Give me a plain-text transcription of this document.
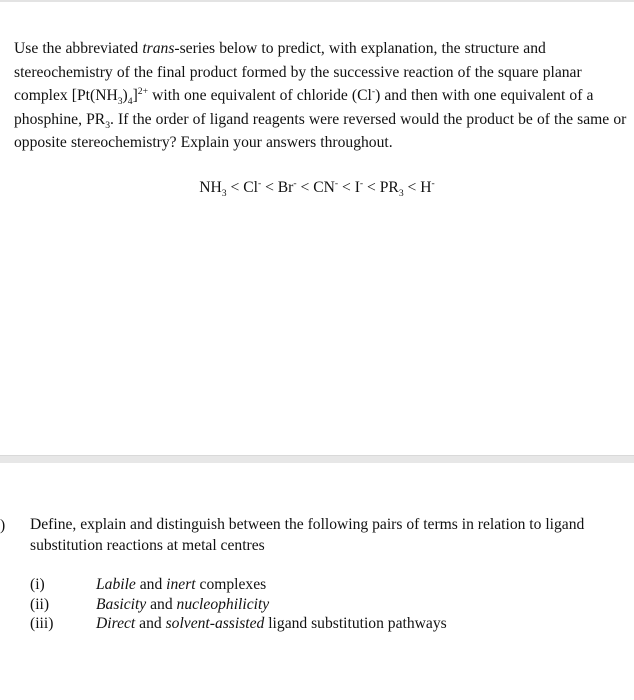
Use the abbreviated trans-series below to predict, with explanation, the structure and stereochemistry of the final product formed by the successive reaction of the square planar complex $[Pt(NH_3)_4]^{2+}$ with one equivalent of chloride (Cl-) and then with one equivalent of a phosphine, $PR_3$. If the order of ligand reagents were reversed would the product be of the same or opposite stereochemistry? Explain your answers throughout.

$NH_3 < Cl^- < Br^- < CN^- < I^- < PR_3 < H^-$

) Define, explain and distinguish between the following pairs of terms in relation to ligand substitution reactions at metal centres

(i)	Labile and inert complexes
(ii)	Basicity and nucleophilicity
(iii)	Direct and solvent-assisted ligand substitution pathways
